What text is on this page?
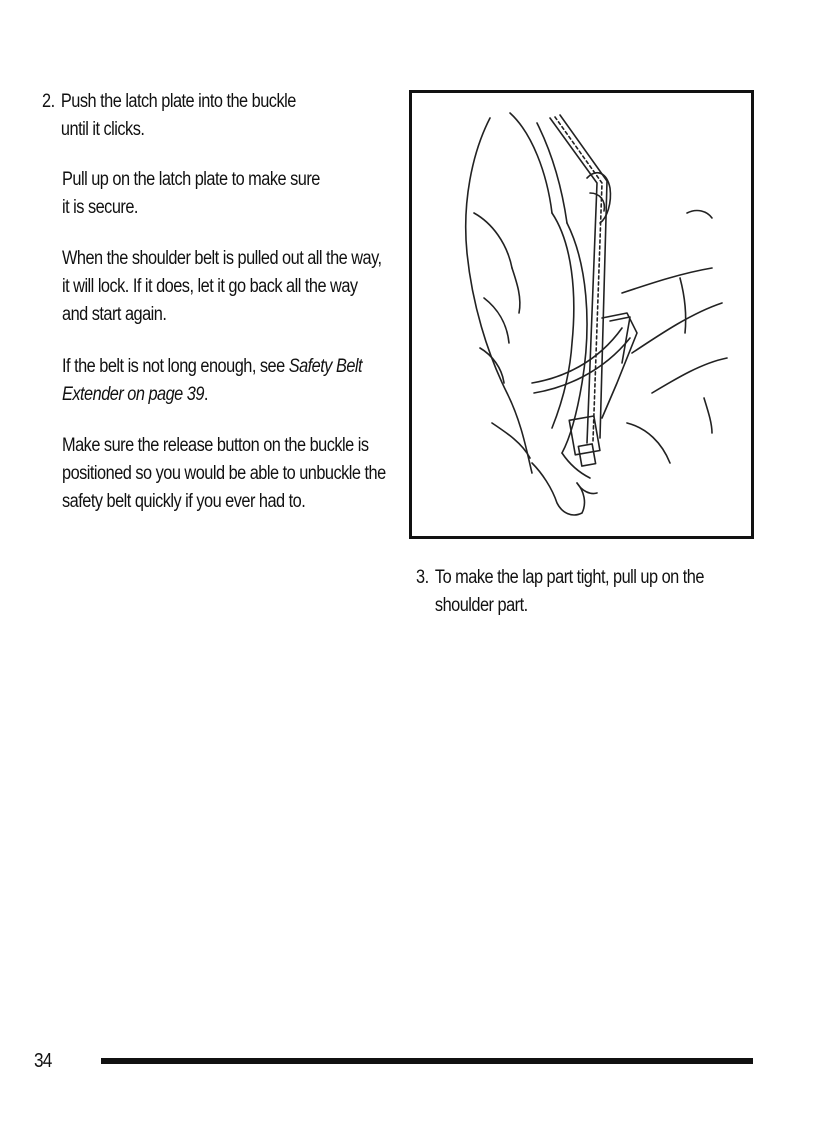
2. Push the latch plate into the buckle until it clicks.
Pull up on the latch plate to make sure it is secure.
When the shoulder belt is pulled out all the way, it will lock. If it does, let it go back all the way and start again.
If the belt is not long enough, see Safety Belt Extender on page 39.
Make sure the release button on the buckle is positioned so you would be able to unbuckle the safety belt quickly if you ever had to.
3. To make the lap part tight, pull up on the shoulder part.
34
